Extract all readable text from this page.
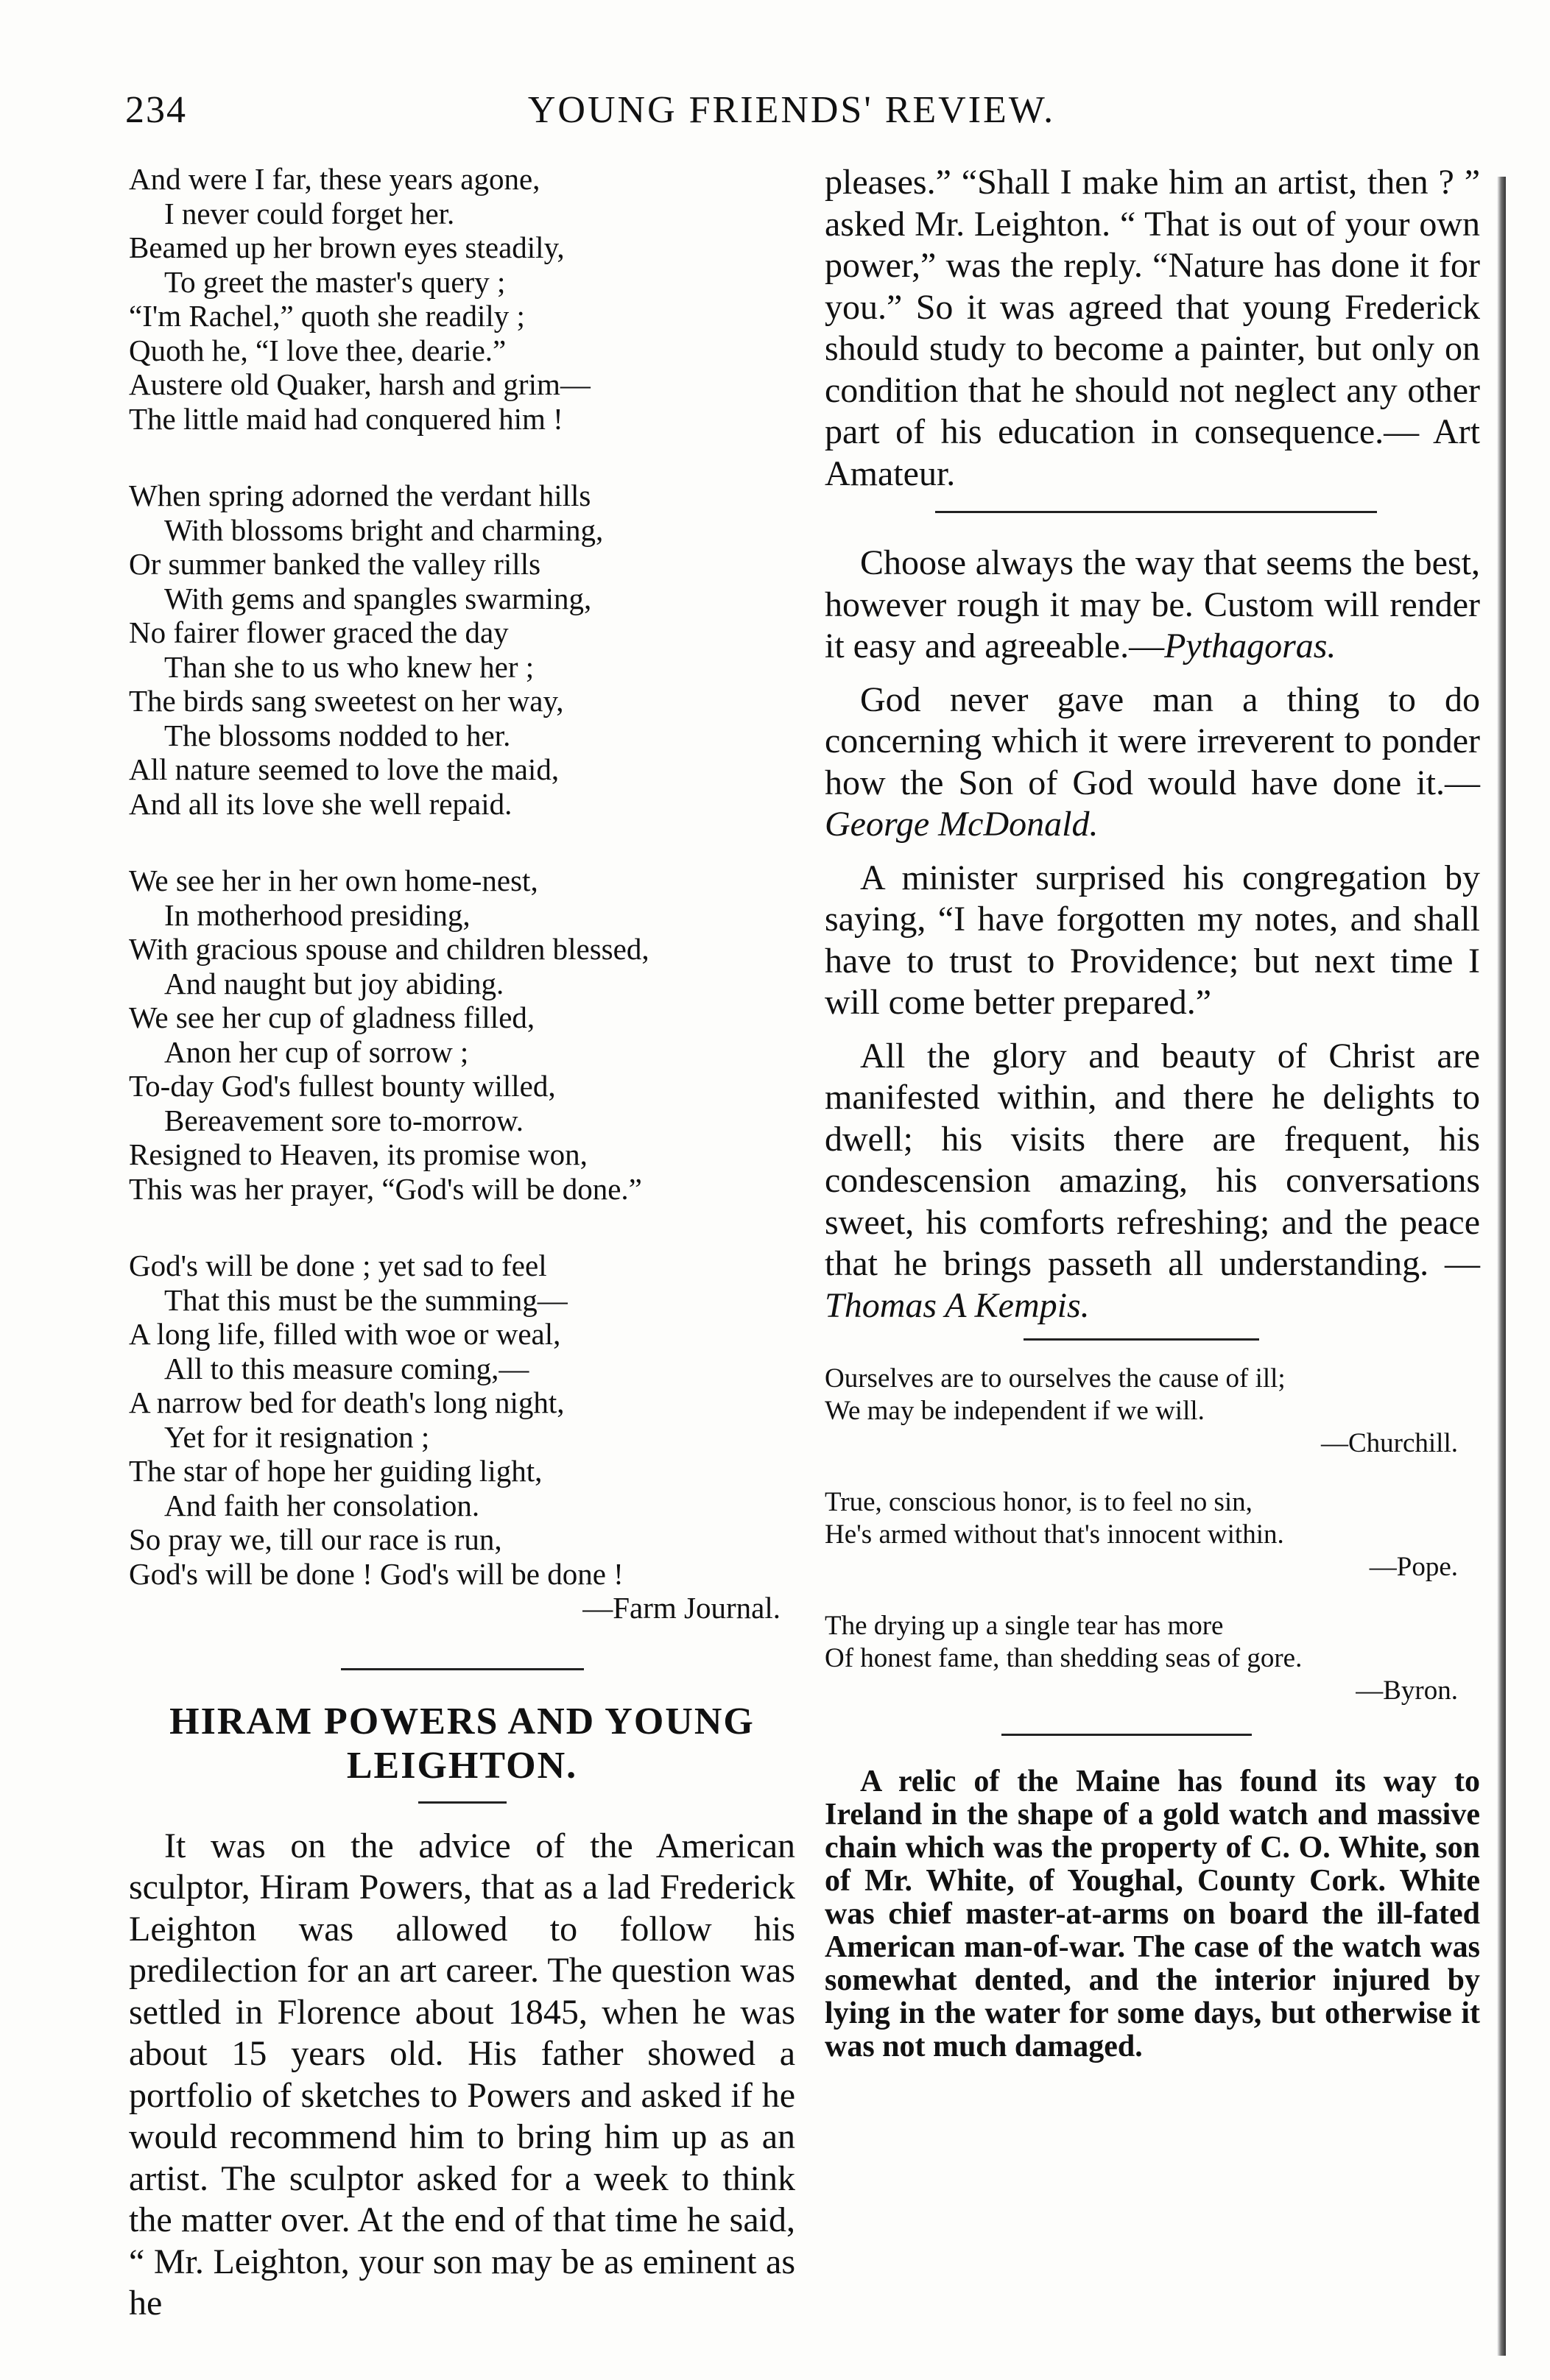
234	YOUNG FRIENDS' REVIEW.
And were I far, these years agone,
I never could forget her.
Beamed up her brown eyes steadily,
To greet the master's query ;
“I'm Rachel,” quoth she readily ;
Quoth he, “I love thee, dearie.”
Austere old Quaker, harsh and grim—
The little maid had conquered him !
When spring adorned the verdant hills
With blossoms bright and charming,
Or summer banked the valley rills
With gems and spangles swarming,
No fairer flower graced the day
Than she to us who knew her ;
The birds sang sweetest on her way,
The blossoms nodded to her.
All nature seemed to love the maid,
And all its love she well repaid.
We see her in her own home-nest,
In motherhood presiding,
With gracious spouse and children blessed,
And naught but joy abiding.
We see her cup of gladness filled,
Anon her cup of sorrow ;
To-day God's fullest bounty willed,
Bereavement sore to-morrow.
Resigned to Heaven, its promise won,
This was her prayer, “God's will be done.”
God's will be done ; yet sad to feel
That this must be the summing—
A long life, filled with woe or weal,
All to this measure coming,—
A narrow bed for death's long night,
Yet for it resignation ;
The star of hope her guiding light,
And faith her consolation.
So pray we, till our race is run,
God's will be done ! God's will be done !
—Farm Journal.
HIRAM POWERS AND YOUNG
LEIGHTON.

It was on the advice of the American sculptor, Hiram Powers, that as a lad Frederick Leighton was allowed to follow his predilection for an art career. The question was settled in Florence about 1845, when he was about 15 years old. His father showed a portfolio of sketches to Powers and asked if he would recommend him to bring him up as an artist. The sculptor asked for a week to think the matter over. At the end of that time he said, “ Mr. Leighton, your son may be as eminent as he

pleases.” “Shall I make him an artist, then ? ” asked Mr. Leighton. “ That is out of your own power,” was the reply. “Nature has done it for you.” So it was agreed that young Frederick should study to become a painter, but only on condition that he should not neglect any other part of his education in consequence.— Art Amateur.

Choose always the way that seems the best, however rough it may be. Custom will render it easy and agreeable.—Pythagoras.

God never gave man a thing to do concerning which it were irreverent to ponder how the Son of God would have done it.—George McDonald.

A minister surprised his congregation by saying, “I have forgotten my notes, and shall have to trust to Providence; but next time I will come better prepared.”

All the glory and beauty of Christ are manifested within, and there he delights to dwell; his visits there are frequent, his condescension amazing, his conversations sweet, his comforts refreshing; and the peace that he brings passeth all understanding. — Thomas A Kempis.

Ourselves are to ourselves the cause of ill;
We may be independent if we will.
—Churchill.
True, conscious honor, is to feel no sin,
He's armed without that's innocent within.
—Pope.
The drying up a single tear has more
Of honest fame, than shedding seas of gore.
—Byron.

A relic of the Maine has found its way to Ireland in the shape of a gold watch and massive chain which was the property of C. O. White, son of Mr. White, of Youghal, County Cork. White was chief master-at-arms on board the ill-fated American man-of-war. The case of the watch was somewhat dented, and the interior injured by lying in the water for some days, but otherwise it was not much damaged.
